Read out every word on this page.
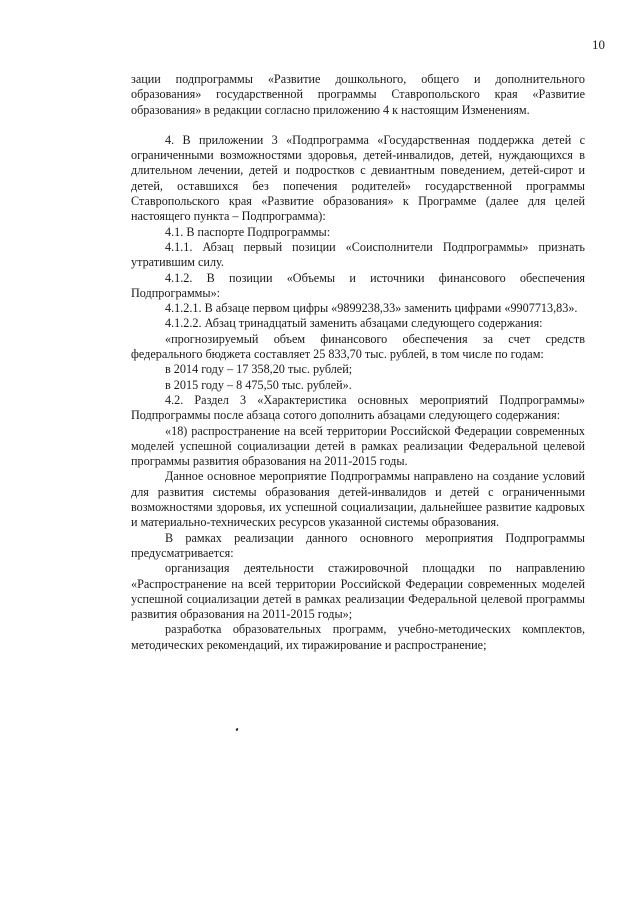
10

зации подпрограммы «Развитие дошкольного, общего и дополнительного образования» государственной программы Ставропольского края «Развитие образования» в редакции согласно приложению 4 к настоящим Изменениям.

4. В приложении 3 «Подпрограмма «Государственная поддержка детей с ограниченными возможностями здоровья, детей-инвалидов, детей, нуждающихся в длительном лечении, детей и подростков с девиантным поведением, детей-сирот и детей, оставшихся без попечения родителей» государственной программы Ставропольского края «Развитие образования» к Программе (далее для целей настоящего пункта – Подпрограмма):

4.1. В паспорте Подпрограммы:

4.1.1. Абзац первый позиции «Соисполнители Подпрограммы» признать утратившим силу.

4.1.2. В позиции «Объемы и источники финансового обеспечения Подпрограммы»:

4.1.2.1. В абзаце первом цифры «9899238,33» заменить цифрами «9907713,83».

4.1.2.2. Абзац тринадцатый заменить абзацами следующего содержания:

«прогнозируемый объем финансового обеспечения за счет средств федерального бюджета составляет 25 833,70 тыс. рублей, в том числе по годам:

в 2014 году – 17 358,20 тыс. рублей;

в 2015 году – 8 475,50 тыс. рублей».

4.2. Раздел 3 «Характеристика основных мероприятий Подпрограммы» Подпрограммы после абзаца сотого дополнить абзацами следующего содержания:

«18) распространение на всей территории Российской Федерации современных моделей успешной социализации детей в рамках реализации Федеральной целевой программы развития образования на 2011-2015 годы.

Данное основное мероприятие Подпрограммы направлено на создание условий для развития системы образования детей-инвалидов и детей с ограниченными возможностями здоровья, их успешной социализации, дальнейшее развитие кадровых и материально-технических ресурсов указанной системы образования.

В рамках реализации данного основного мероприятия Подпрограммы предусматривается:

организация деятельности стажировочной площадки по направлению «Распространение на всей территории Российской Федерации современных моделей успешной социализации детей в рамках реализации Федеральной целевой программы развития образования на 2011-2015 годы»;

разработка образовательных программ, учебно-методических комплектов, методических рекомендаций, их тиражирование и распространение;
